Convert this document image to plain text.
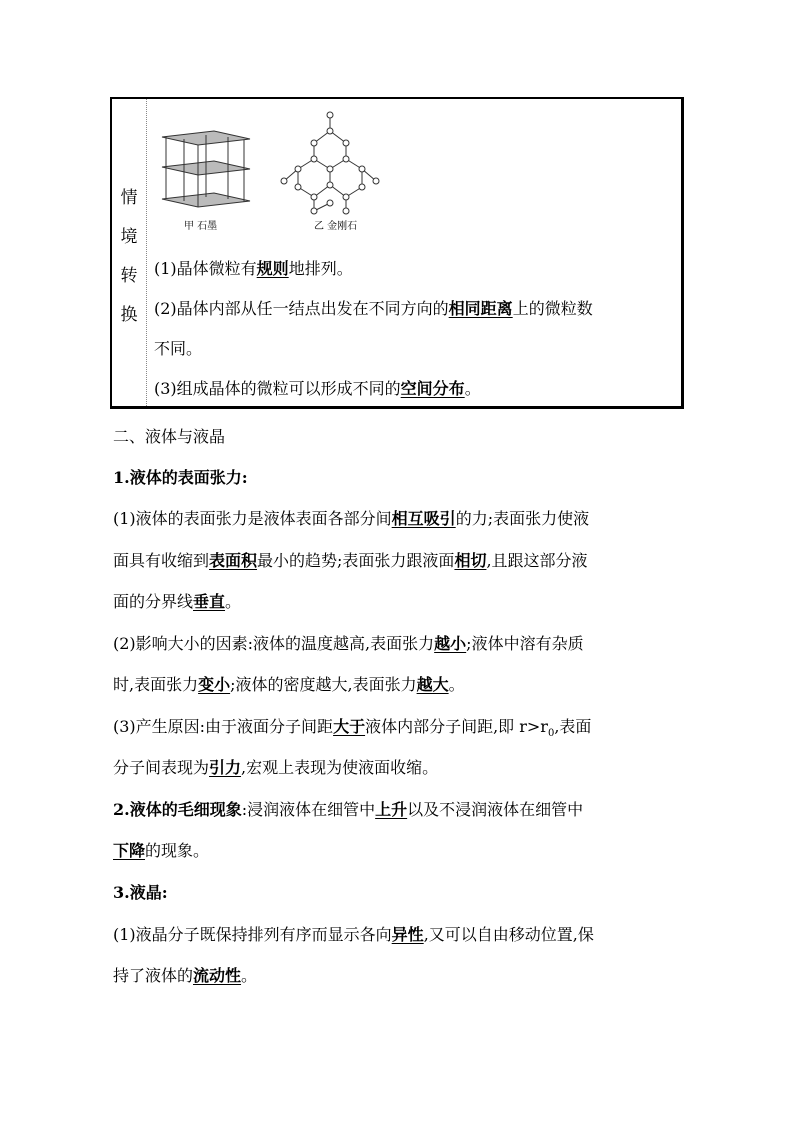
情
境
转
换
甲 石墨	乙 金刚石
(1)晶体微粒有规则地排列。
(2)晶体内部从任一结点出发在不同方向的相同距离上的微粒数
不同。
(3)组成晶体的微粒可以形成不同的空间分布。
二、液体与液晶
1.液体的表面张力:
(1)液体的表面张力是液体表面各部分间相互吸引的力;表面张力使液
面具有收缩到表面积最小的趋势;表面张力跟液面相切,且跟这部分液
面的分界线垂直。
(2)影响大小的因素:液体的温度越高,表面张力越小;液体中溶有杂质
时,表面张力变小;液体的密度越大,表面张力越大。
(3)产生原因:由于液面分子间距大于液体内部分子间距,即 $r>r_0$,表面
分子间表现为引力,宏观上表现为使液面收缩。
2.液体的毛细现象:浸润液体在细管中上升以及不浸润液体在细管中
下降的现象。
3.液晶:
(1)液晶分子既保持排列有序而显示各向异性,又可以自由移动位置,保
持了液体的流动性。
